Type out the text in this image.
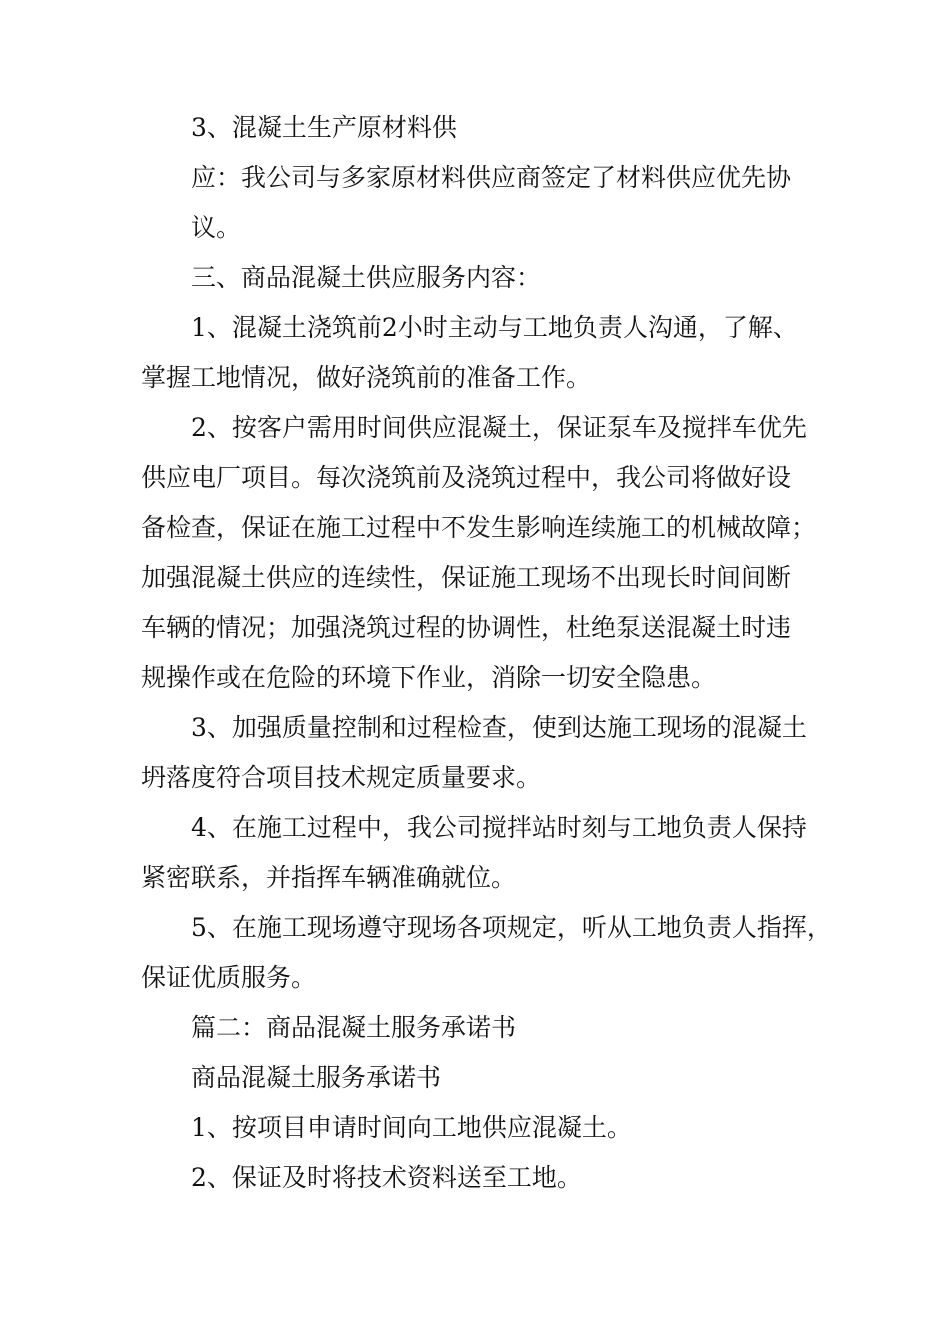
3、混凝土生产原材料供
应：我公司与多家原材料供应商签定了材料供应优先协
议。
三、商品混凝土供应服务内容：
1、混凝土浇筑前2小时主动与工地负责人沟通，了解、
掌握工地情况，做好浇筑前的准备工作。
2、按客户需用时间供应混凝土，保证泵车及搅拌车优先
供应电厂项目。每次浇筑前及浇筑过程中，我公司将做好设
备检查，保证在施工过程中不发生影响连续施工的机械故障；
加强混凝土供应的连续性，保证施工现场不出现长时间间断
车辆的情况；加强浇筑过程的协调性，杜绝泵送混凝土时违
规操作或在危险的环境下作业，消除一切安全隐患。
3、加强质量控制和过程检查，使到达施工现场的混凝土
坍落度符合项目技术规定质量要求。
4、在施工过程中，我公司搅拌站时刻与工地负责人保持
紧密联系，并指挥车辆准确就位。
5、在施工现场遵守现场各项规定，听从工地负责人指挥，
保证优质服务。
篇二：商品混凝土服务承诺书
商品混凝土服务承诺书
1、按项目申请时间向工地供应混凝土。
2、保证及时将技术资料送至工地。
